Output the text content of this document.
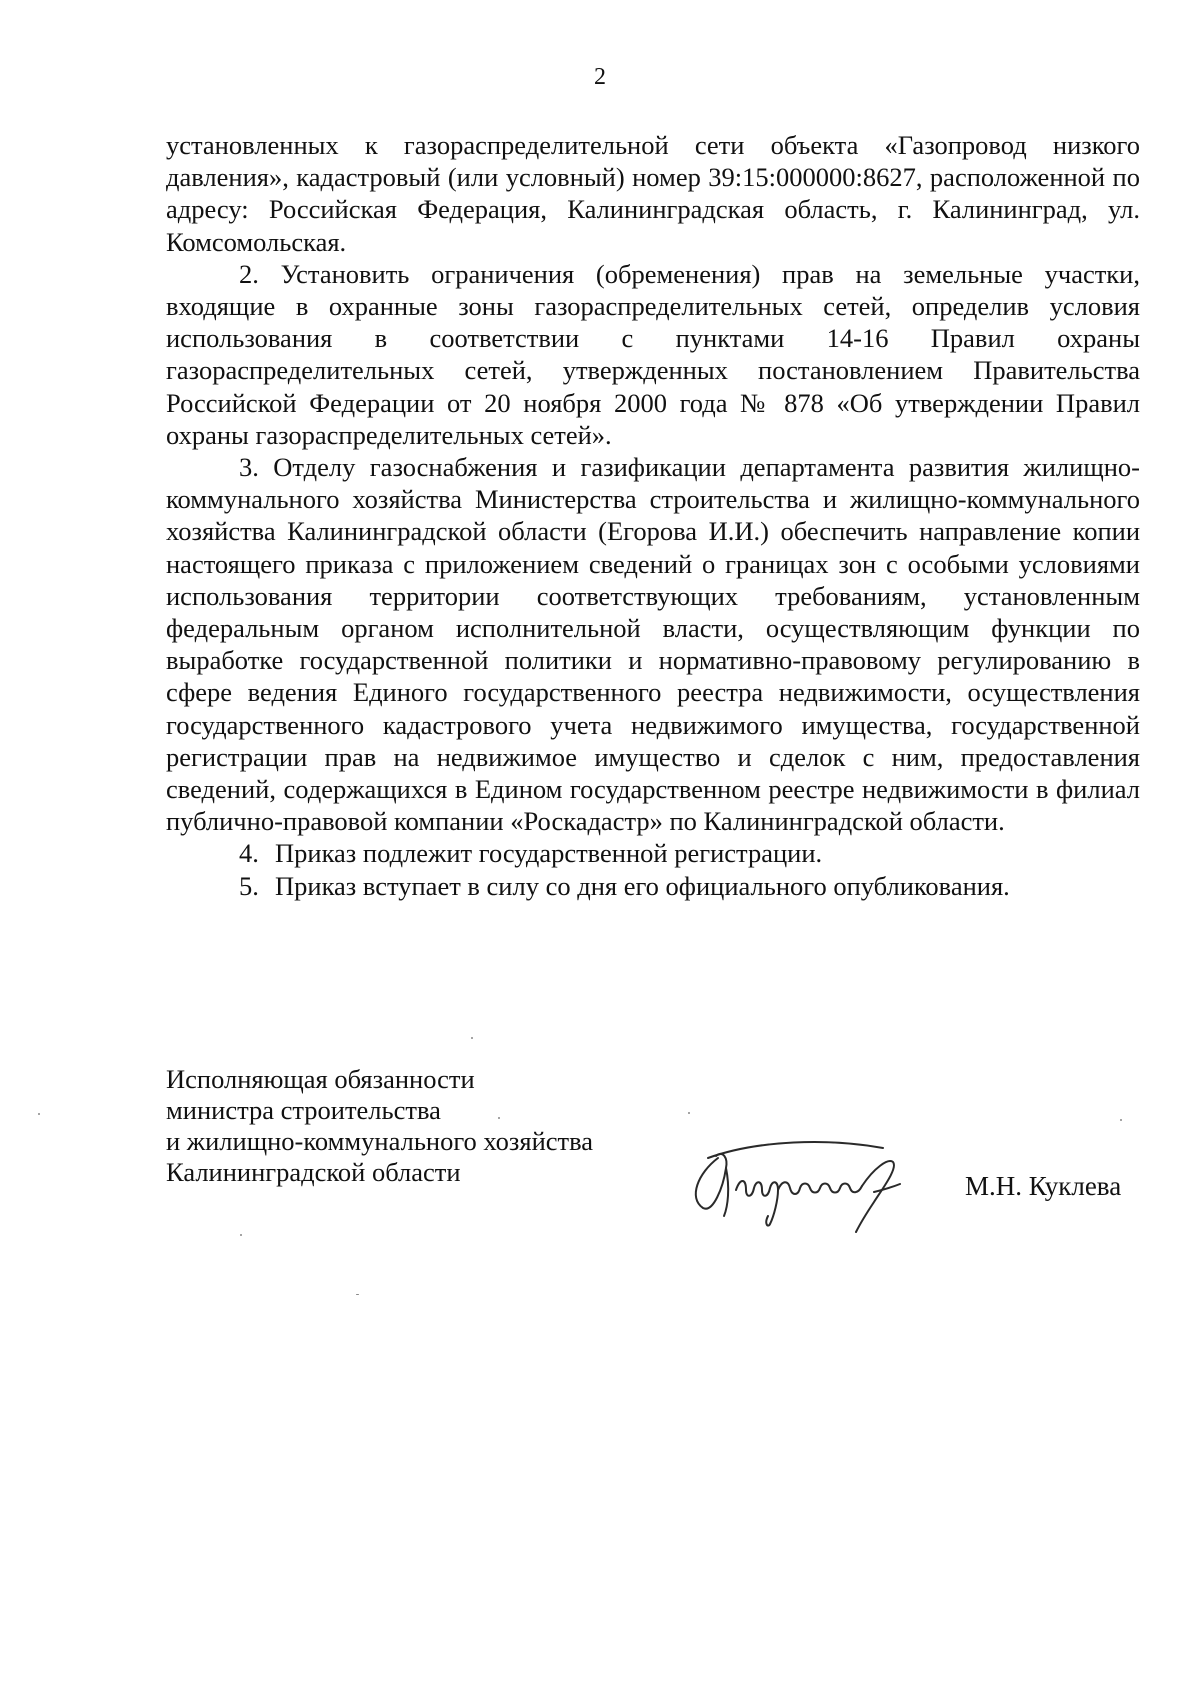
2

установленных к газораспределительной сети объекта «Газопровод низкого давления», кадастровый (или условный) номер 39:15:000000:8627, расположенной по адресу: Российская Федерация, Калининградская область, г. Калининград, ул. Комсомольская.

2. Установить ограничения (обременения) прав на земельные участки, входящие в охранные зоны газораспределительных сетей, определив условия использования в соответствии с пунктами 14-16 Правил охраны газораспределительных сетей, утвержденных постановлением Правительства Российской Федерации от 20 ноября 2000 года № 878 «Об утверждении Правил охраны газораспределительных сетей».

3. Отделу газоснабжения и газификации департамента развития жилищно-коммунального хозяйства Министерства строительства и жилищно-коммунального хозяйства Калининградской области (Егорова И.И.) обеспечить направление копии настоящего приказа с приложением сведений о границах зон с особыми условиями использования территории соответствующих требованиям, установленным федеральным органом исполнительной власти, осуществляющим функции по выработке государственной политики и нормативно-правовому регулированию в сфере ведения Единого государственного реестра недвижимости, осуществления государственного кадастрового учета недвижимого имущества, государственной регистрации прав на недвижимое имущество и сделок с ним, предоставления сведений, содержащихся в Едином государственном реестре недвижимости в филиал публично-правовой компании «Роскадастр» по Калининградской области.

4. Приказ подлежит государственной регистрации.

5. Приказ вступает в силу со дня его официального опубликования.

Исполняющая обязанности
министра строительства
и жилищно-коммунального хозяйства
Калининградской области	М.Н. Куклева
